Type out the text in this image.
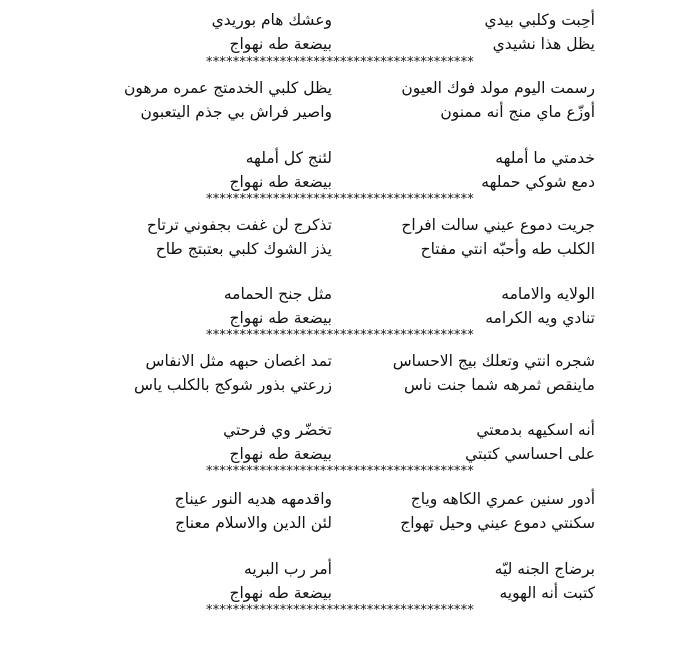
أحِبت وكلبي بيدي
وعشك هام بوريدي
يظل هذا نشيدي
بيضعة طه نهواج
****************************************
رسمت اليوم مولد فوك العيون
يظل كلبي الخدمتج عمره مرهون
أوزّع ماي منج أنه ممنون
واصير فراش بي جذم اليتعبون
خدمتي ما أملهه
لئنج كل أملهه
دمع شوكي حملهه
بيضعة طه نهواج
****************************************
جريت دموع عيني سالت افراح
تذكرج لن غفت بجفوني ترتاح
الكلب طه وأحبّه انتي مفتاح
يذز الشوك كلبي بعتبتج طاح
الولايه والامامه
مثل جنح الحمامه
تنادي ويه الكرامه
بيضعة طه نهواج
****************************************
شجره انتي وتعلك بيج الاحساس
تمد اغصان حبهه مثل الانفاس
ماينقص ثمرهه شما جنت ناس
زرعتي بذور شوكج بالكلب ياس
أنه اسكيهه بدمعتي
تخضّر وي فرحتي
على احساسي كتبتي
بيضعة طه نهواج
****************************************
أدور سنين عمري الكاهه وياج
واقدمهه هديه النور عيناج
سكنتي دموع عيني وحيل تهواج
لئن الدين والاسلام معناج
برضاج الجنه ليّه
أمر رب البريه
كتبت أنه الهويه
بيضعة طه نهواج
****************************************
